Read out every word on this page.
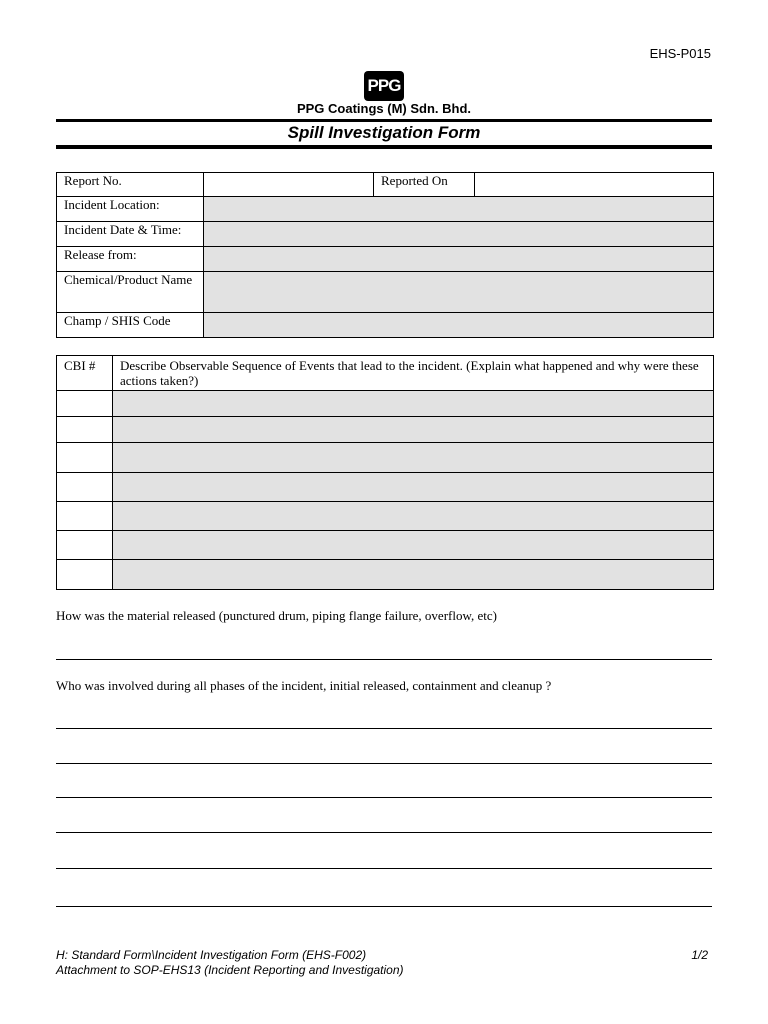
EHS-P015
PPG
PPG Coatings (M) Sdn. Bhd.
Spill Investigation Form
Report No.		Reported On	
Incident Location:			
Incident Date & Time:			
Release from:			
Chemical/Product Name			
Champ / SHIS Code			
CBI #	Describe Observable Sequence of Events that lead to the incident. (Explain what happened and why were these actions taken?)

How was the material released (punctured drum, piping flange failure, overflow, etc)
Who was involved during all phases of the incident, initial released, containment and cleanup ?
H: Standard Form\Incident Investigation Form (EHS-F002)
Attachment to SOP-EHS13 (Incident Reporting and Investigation)
1/2
